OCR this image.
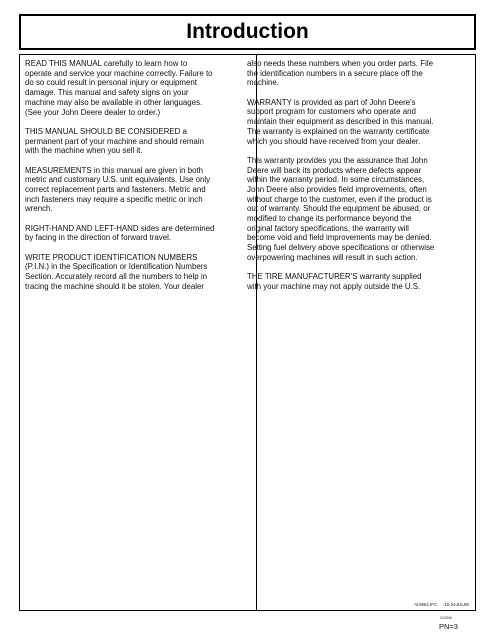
Introduction

READ THIS MANUAL carefully to learn how to
operate and service your machine correctly. Failure to
do so could result in personal injury or equipment
damage. This manual and safety signs on your
machine may also be available in other languages.
(See your John Deere dealer to order.)

THIS MANUAL SHOULD BE CONSIDERED a
permanent part of your machine and should remain
with the machine when you sell it.

MEASUREMENTS in this manual are given in both
metric and customary U.S. unit equivalents. Use only
correct replacement parts and fasteners. Metric and
inch fasteners may require a specific metric or inch
wrench.

RIGHT-HAND AND LEFT-HAND sides are determined
by facing in the direction of forward travel.

WRITE PRODUCT IDENTIFICATION NUMBERS
(P.I.N.) in the Specification or Identification Numbers
Section. Accurately record all the numbers to help in
tracing the machine should it be stolen. Your dealer

also needs these numbers when you order parts. File
the identification numbers in a secure place off the
machine.

WARRANTY is provided as part of John Deere's
support program for customers who operate and
maintain their equipment as described in this manual.
The warranty is explained on the warranty certificate
which you should have received from your dealer.

This warranty provides you the assurance that John
Deere will back its products where defects appear
within the warranty period. In some circumstances,
John Deere also provides field improvements, often
without charge to the customer, even if the product is
out of warranty. Should the equipment be abused, or
modified to change its performance beyond the
original factory specifications, the warranty will
become void and field improvements may be denied.
Setting fuel delivery above specifications or otherwise
overpowering machines will result in such action.

THE TIRE MANUFACTURER'S warranty supplied
with your machine may not apply outside the U.S.

AI4964,IFC    -19-24JUL95
010596
PN=3
